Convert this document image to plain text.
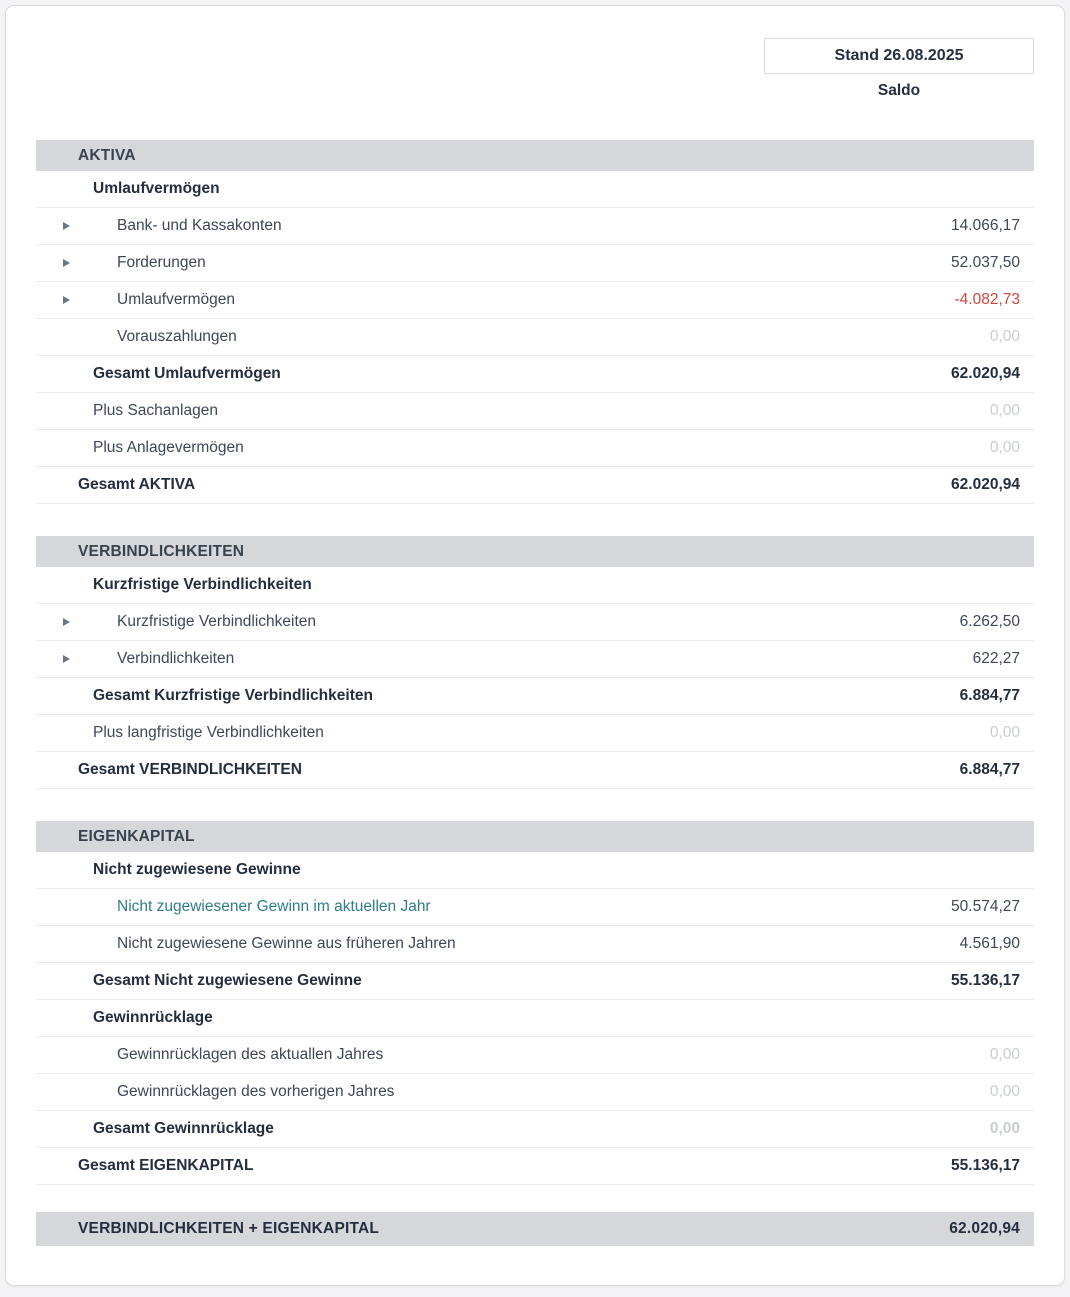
Stand 26.08.2025
Saldo
AKTIVA
Umlaufvermögen
Bank- und Kassakonten	14.066,17
Forderungen	52.037,50
Umlaufvermögen	-4.082,73
Vorauszahlungen	0,00
Gesamt Umlaufvermögen	62.020,94
Plus Sachanlagen	0,00
Plus Anlagevermögen	0,00
Gesamt AKTIVA	62.020,94
VERBINDLICHKEITEN
Kurzfristige Verbindlichkeiten
Kurzfristige Verbindlichkeiten	6.262,50
Verbindlichkeiten	622,27
Gesamt Kurzfristige Verbindlichkeiten	6.884,77
Plus langfristige Verbindlichkeiten	0,00
Gesamt VERBINDLICHKEITEN	6.884,77
EIGENKAPITAL
Nicht zugewiesene Gewinne
Nicht zugewiesener Gewinn im aktuellen Jahr	50.574,27
Nicht zugewiesene Gewinne aus früheren Jahren	4.561,90
Gesamt Nicht zugewiesene Gewinne	55.136,17
Gewinnrücklage
Gewinnrücklagen des aktuallen Jahres	0,00
Gewinnrücklagen des vorherigen Jahres	0,00
Gesamt Gewinnrücklage	0,00
Gesamt EIGENKAPITAL	55.136,17
VERBINDLICHKEITEN + EIGENKAPITAL	62.020,94
